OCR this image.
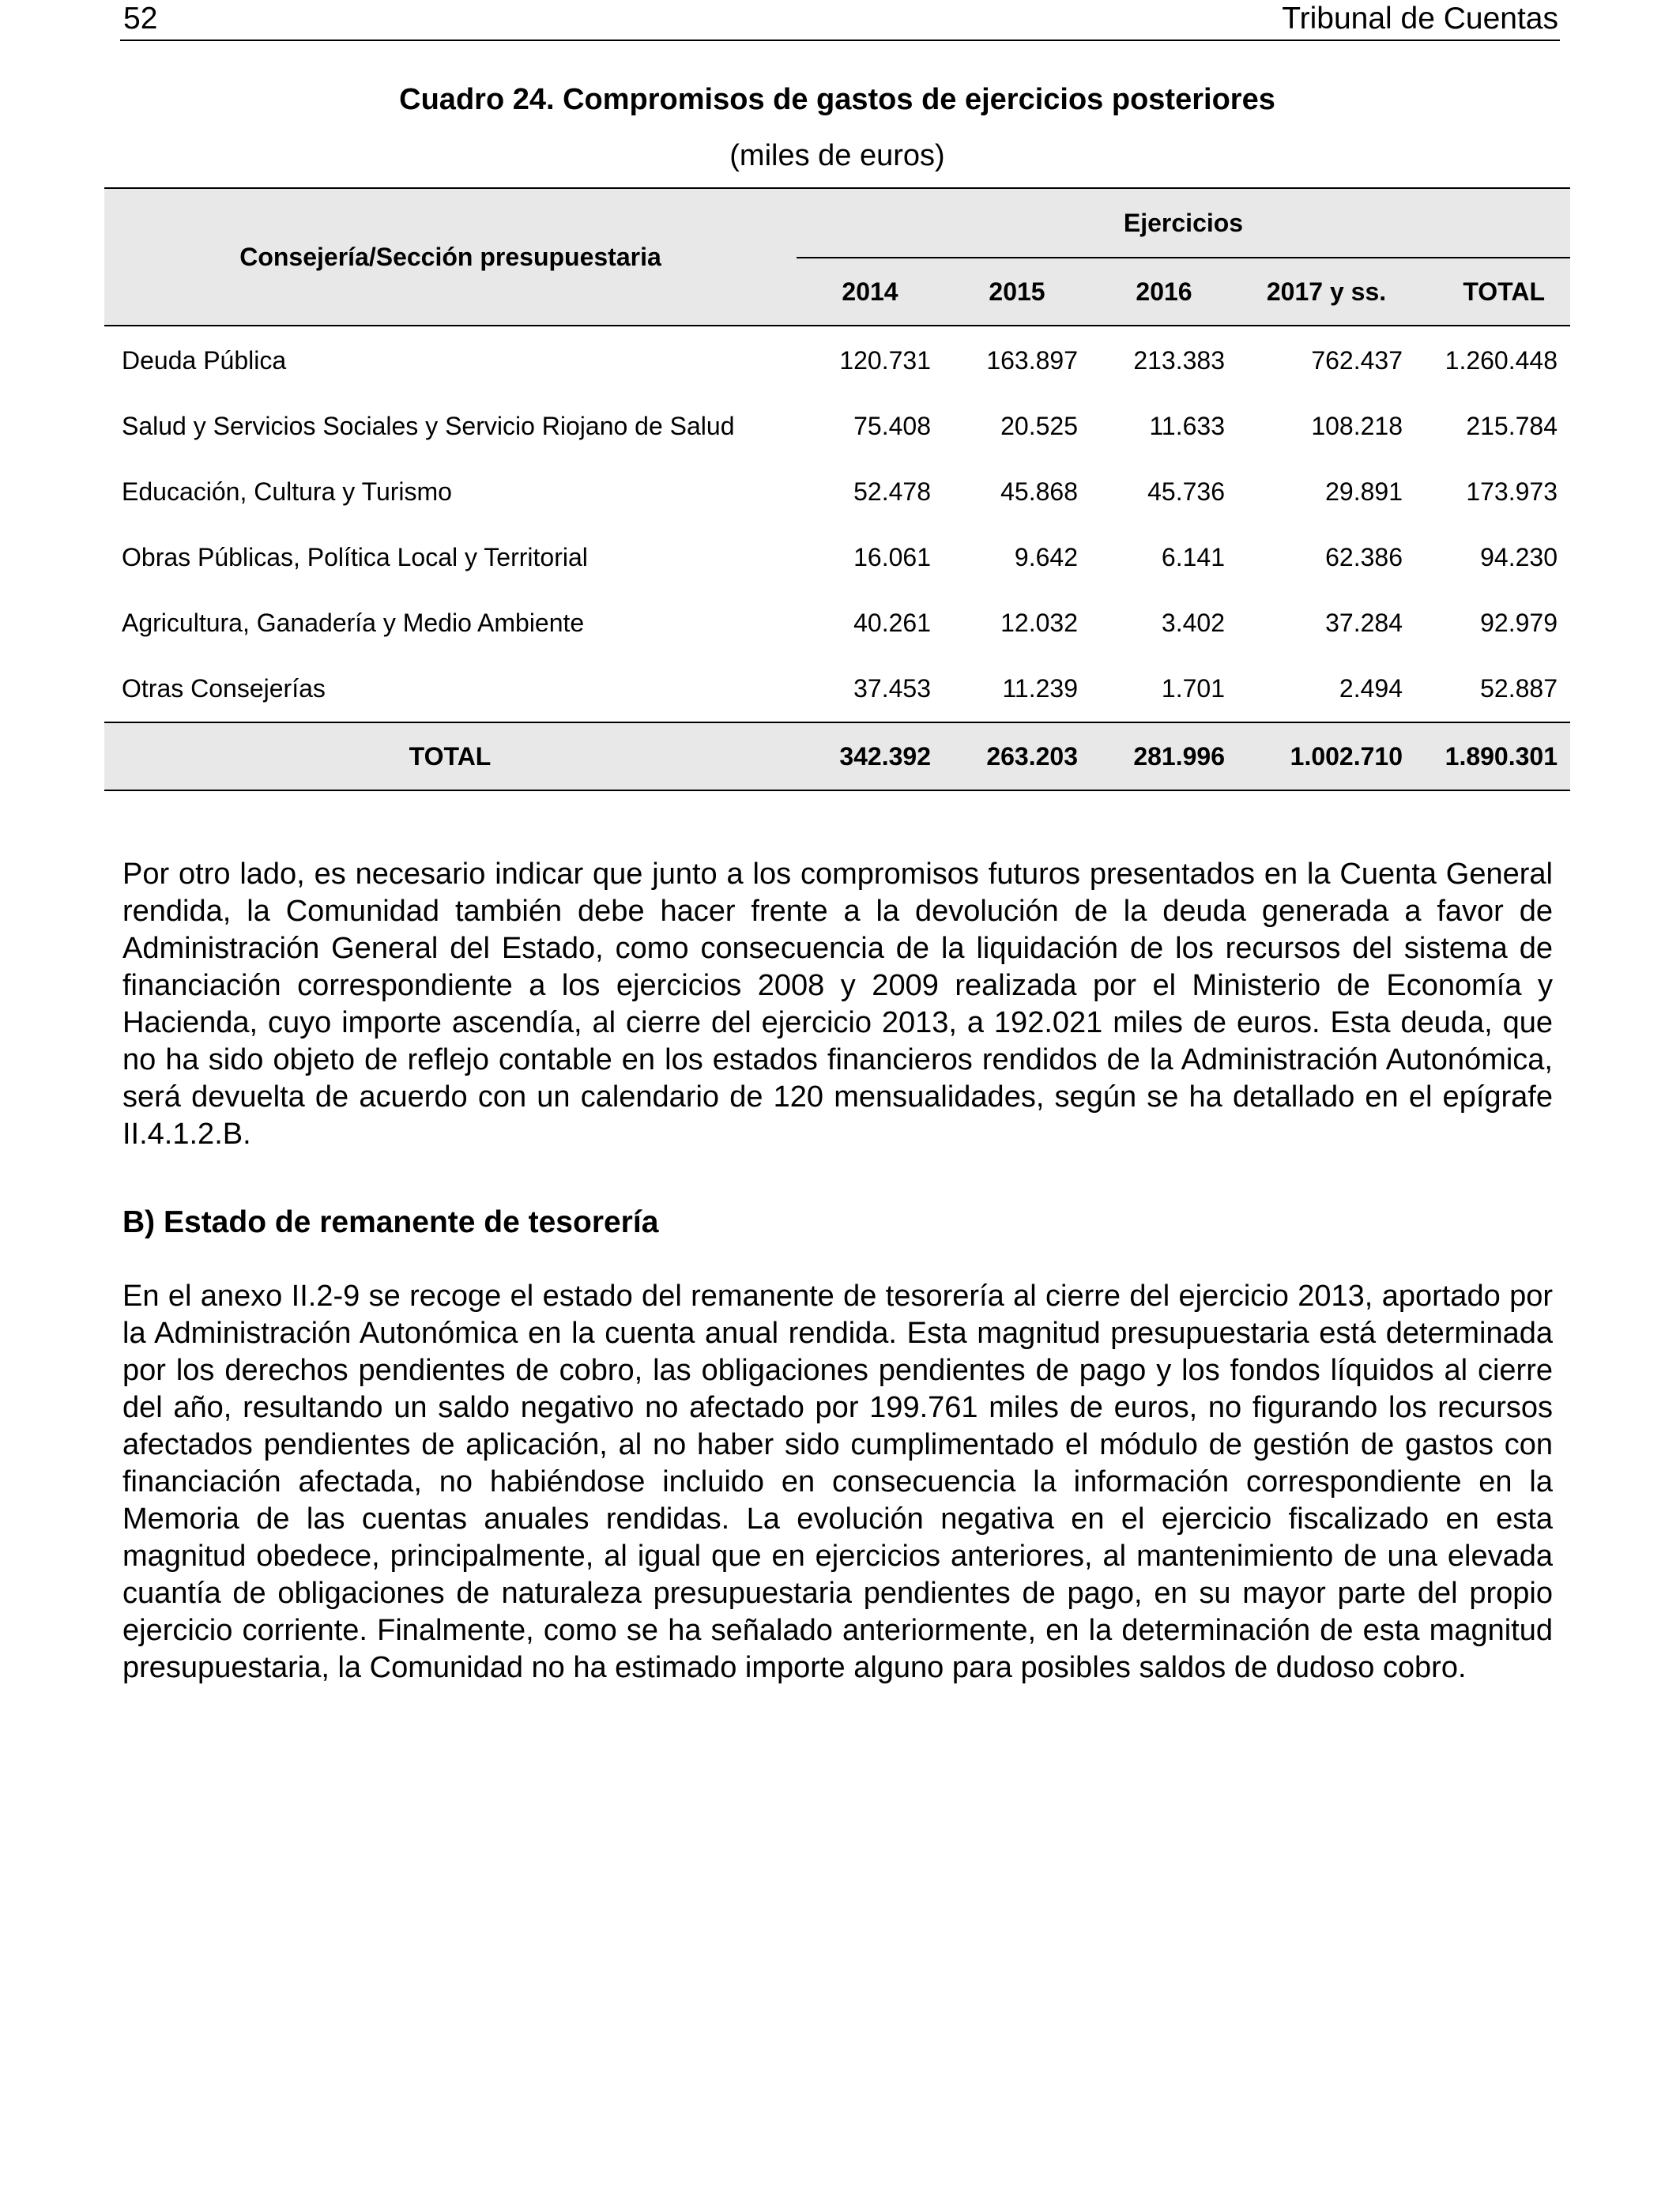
52	Tribunal de Cuentas
Cuadro 24. Compromisos de gastos de ejercicios posteriores
(miles de euros)
Consejería/Sección presupuestaria	Ejercicios				
	2014	2015	2016	2017 y ss.	TOTAL
Deuda Pública	120.731	163.897	213.383	762.437	1.260.448
Salud y Servicios Sociales y Servicio Riojano de Salud	75.408	20.525	11.633	108.218	215.784
Educación, Cultura y Turismo	52.478	45.868	45.736	29.891	173.973
Obras Públicas, Política Local y Territorial	16.061	9.642	6.141	62.386	94.230
Agricultura, Ganadería y Medio Ambiente	40.261	12.032	3.402	37.284	92.979
Otras Consejerías	37.453	11.239	1.701	2.494	52.887
TOTAL	342.392	263.203	281.996	1.002.710	1.890.301

Por otro lado, es necesario indicar que junto a los compromisos futuros presentados en la Cuenta General rendida, la Comunidad también debe hacer frente a la devolución de la deuda generada a favor de Administración General del Estado, como consecuencia de la liquidación de los recursos del sistema de financiación correspondiente a los ejercicios 2008 y 2009 realizada por el Ministerio de Economía y Hacienda, cuyo importe ascendía, al cierre del ejercicio 2013, a 192.021 miles de euros. Esta deuda, que no ha sido objeto de reflejo contable en los estados financieros rendidos de la Administración Autonómica, será devuelta de acuerdo con un calendario de 120 mensualidades, según se ha detallado en el epígrafe II.4.1.2.B.

B) Estado de remanente de tesorería

En el anexo II.2-9 se recoge el estado del remanente de tesorería al cierre del ejercicio 2013, aportado por la Administración Autonómica en la cuenta anual rendida. Esta magnitud presupuestaria está determinada por los derechos pendientes de cobro, las obligaciones pendientes de pago y los fondos líquidos al cierre del año, resultando un saldo negativo no afectado por 199.761 miles de euros, no figurando los recursos afectados pendientes de aplicación, al no haber sido cumplimentado el módulo de gestión de gastos con financiación afectada, no habiéndose incluido en consecuencia la información correspondiente en la Memoria de las cuentas anuales rendidas. La evolución negativa en el ejercicio fiscalizado en esta magnitud obedece, principalmente, al igual que en ejercicios anteriores, al mantenimiento de una elevada cuantía de obligaciones de naturaleza presupuestaria pendientes de pago, en su mayor parte del propio ejercicio corriente. Finalmente, como se ha señalado anteriormente, en la determinación de esta magnitud presupuestaria, la Comunidad no ha estimado importe alguno para posibles saldos de dudoso cobro.
